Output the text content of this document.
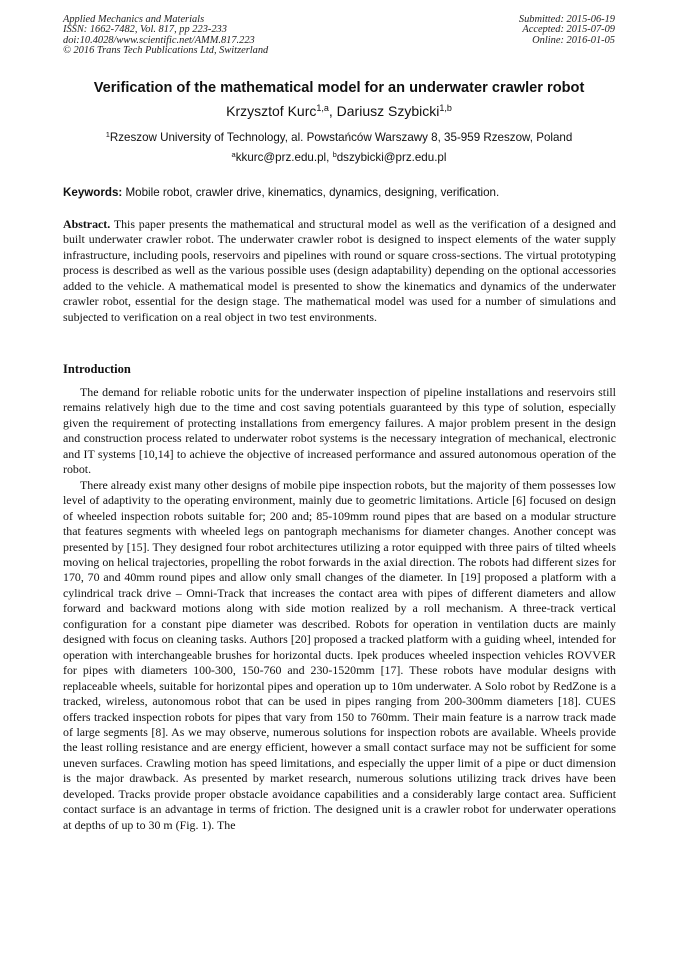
Applied Mechanics and Materials
ISSN: 1662-7482, Vol. 817, pp 223-233
doi:10.4028/www.scientific.net/AMM.817.223
© 2016 Trans Tech Publications Ltd, Switzerland
Submitted: 2015-06-19
Accepted: 2015-07-09
Online: 2016-01-05
Verification of the mathematical model for an underwater crawler robot
Krzysztof Kurc$^{1,a}$, Dariusz Szybicki$^{1,b}$
$^1$Rzeszow University of Technology, al. Powstańców Warszawy 8, 35-959 Rzeszow, Poland
$^a$kkurc@prz.edu.pl, $^b$dszybicki@prz.edu.pl
Keywords: Mobile robot, crawler drive, kinematics, dynamics, designing, verification.
Abstract. This paper presents the mathematical and structural model as well as the verification of a designed and built underwater crawler robot. The underwater crawler robot is designed to inspect elements of the water supply infrastructure, including pools, reservoirs and pipelines with round or square cross-sections. The virtual prototyping process is described as well as the various possible uses (design adaptability) depending on the optional accessories added to the vehicle. A mathematical model is presented to show the kinematics and dynamics of the underwater crawler robot, essential for the design stage. The mathematical model was used for a number of simulations and subjected to verification on a real object in two test environments.
Introduction

The demand for reliable robotic units for the underwater inspection of pipeline installations and reservoirs still remains relatively high due to the time and cost saving potentials guaranteed by this type of solution, especially given the requirement of protecting installations from emergency failures. A major problem present in the design and construction process related to underwater robot systems is the necessary integration of mechanical, electronic and IT systems [10,14] to achieve the objective of increased performance and assured autonomous operation of the robot.

There already exist many other designs of mobile pipe inspection robots, but the majority of them possesses low level of adaptivity to the operating environment, mainly due to geometric limitations. Article [6] focused on design of wheeled inspection robots suitable for; 200 and; 85-109mm round pipes that are based on a modular structure that features segments with wheeled legs on pantograph mechanisms for diameter changes. Another concept was presented by [15]. They designed four robot architectures utilizing a rotor equipped with three pairs of tilted wheels moving on helical trajectories, propelling the robot forwards in the axial direction. The robots had different sizes for 170, 70 and 40mm round pipes and allow only small changes of the diameter. In [19] proposed a platform with a cylindrical track drive – Omni-Track that increases the contact area with pipes of different diameters and allow forward and backward motions along with side motion realized by a roll mechanism. A three-track vertical configuration for a constant pipe diameter was described. Robots for operation in ventilation ducts are mainly designed with focus on cleaning tasks. Authors [20] proposed a tracked platform with a guiding wheel, intended for operation with interchangeable brushes for horizontal ducts. Ipek produces wheeled inspection vehicles ROVVER for pipes with diameters 100-300, 150-760 and 230-1520mm [17]. These robots have modular designs with replaceable wheels, suitable for horizontal pipes and operation up to 10m underwater. A Solo robot by RedZone is a tracked, wireless, autonomous robot that can be used in pipes ranging from 200-300mm diameters [18]. CUES offers tracked inspection robots for pipes that vary from 150 to 760mm. Their main feature is a narrow track made of large segments [8]. As we may observe, numerous solutions for inspection robots are available. Wheels provide the least rolling resistance and are energy efficient, however a small contact surface may not be sufficient for some uneven surfaces. Crawling motion has speed limitations, and especially the upper limit of a pipe or duct dimension is the major drawback. As presented by market research, numerous solutions utilizing track drives have been developed. Tracks provide proper obstacle avoidance capabilities and a considerably large contact area. Sufficient contact surface is an advantage in terms of friction. The designed unit is a crawler robot for underwater operations at depths of up to 30 m (Fig. 1). The
